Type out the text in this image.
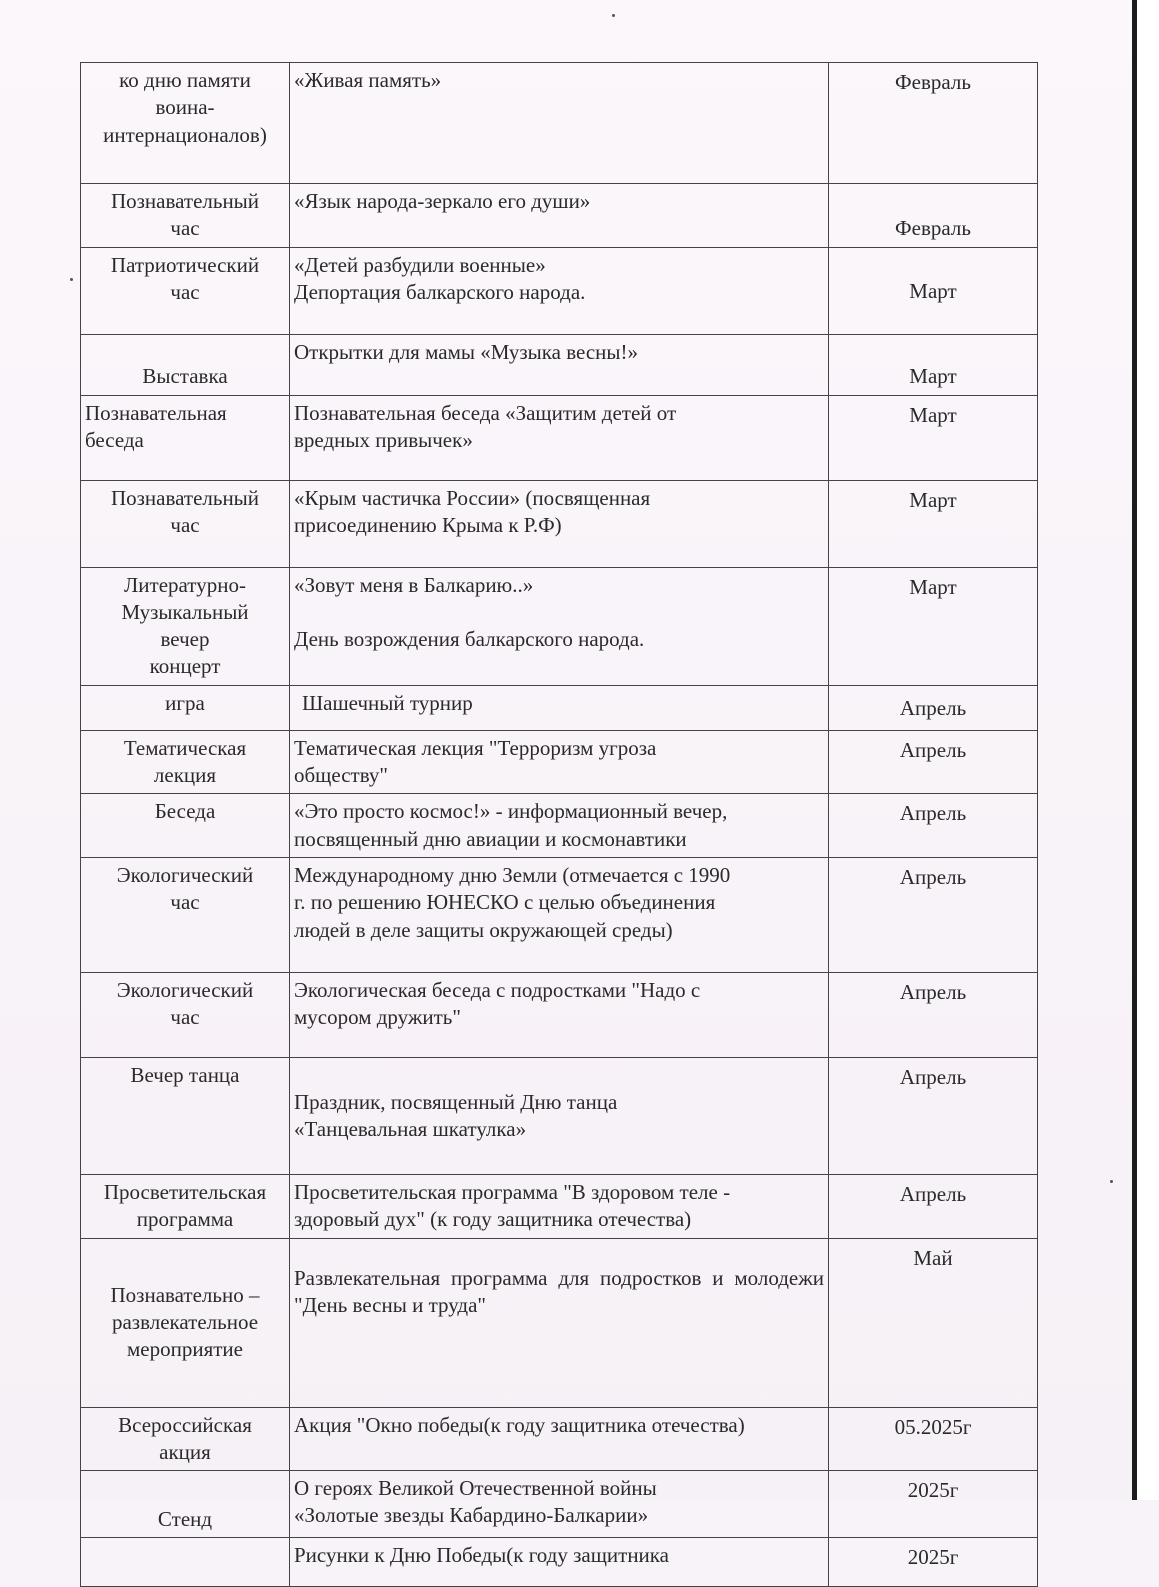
ко дню памяти
воина-
интернационалов)	«Живая память»	Февраль

Познавательный
час	«Язык народа-зеркало его души»	Февраль

Патриотический
час	«Детей разбудили военные»
Депортация балкарского народа.	Март

Выставка	Открытки для мамы «Музыка весны!»	Март

Познавательная
беседа	Познавательная беседа «Защитим детей от
вредных привычек»	Март

Познавательный
час	«Крым частичка России» (посвященная
присоединению Крыма к Р.Ф)	Март

Литературно-
Музыкальный
вечер
концерт	«Зовут меня в Балкарию..»

День возрождения балкарского народа.	Март

игра	Шашечный турнир	Апрель

Тематическая
лекция	Тематическая лекция "Терроризм угроза
обществу"	Апрель

Беседа	«Это просто космос!» - информационный вечер,
посвященный дню авиации и космонавтики	Апрель

Экологический
час	Международному дню Земли (отмечается с 1990
г. по решению ЮНЕСКО с целью объединения
людей в деле защиты окружающей среды)	Апрель

Экологический
час	Экологическая беседа с подростками "Надо с
мусором дружить"	Апрель

Вечер танца	Праздник, посвященный Дню танца
«Танцевальная шкатулка»	Апрель

Просветительская
программа	Просветительская программа "В здоровом теле -
здоровый дух" (к году защитника отечества)	Апрель

Познавательно –
развлекательное
мероприятие	Развлекательная программа для подростков и молодежи "День весны и труда"	Май

Всероссийская
акция	Акция "Окно победы(к году защитника отечества)	05.2025г

Стенд	О героях Великой Отечественной войны
«Золотые звезды Кабардино-Балкарии»	2025г

	Рисунки к Дню Победы(к году защитника	2025г
